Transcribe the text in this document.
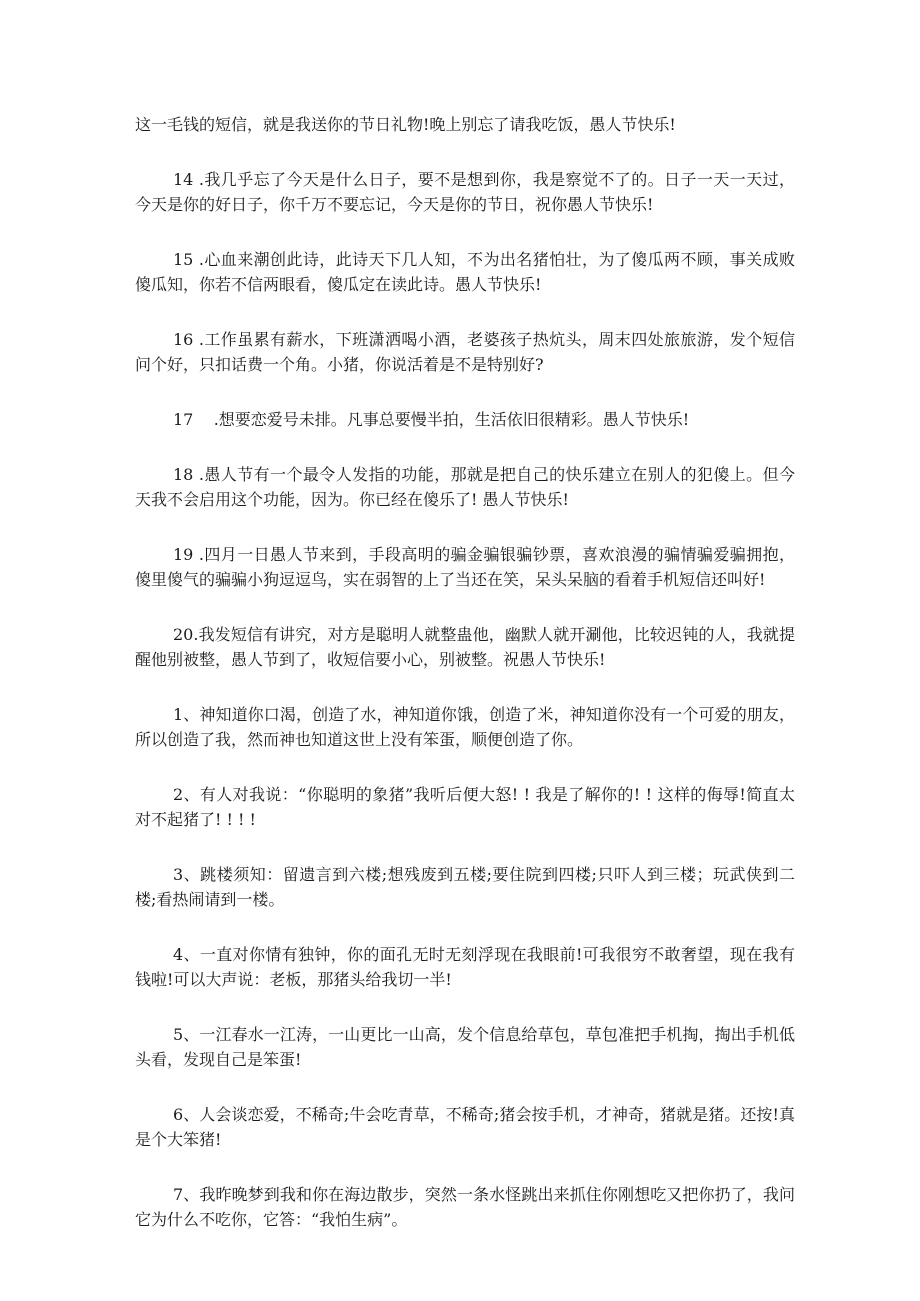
这一毛钱的短信，就是我送你的节日礼物!晚上别忘了请我吃饭，愚人节快乐!

14 .我几乎忘了今天是什么日子，要不是想到你，我是察觉不了的。日子一天一天过，今天是你的好日子，你千万不要忘记，今天是你的节日，祝你愚人节快乐!

15 .心血来潮创此诗，此诗天下几人知，不为出名猪怕壮，为了傻瓜两不顾，事关成败傻瓜知，你若不信两眼看，傻瓜定在读此诗。愚人节快乐!

16 .工作虽累有薪水，下班潇洒喝小酒，老婆孩子热炕头，周末四处旅旅游，发个短信问个好，只扣话费一个角。小猪，你说活着是不是特别好?

17    .想要恋爱号未排。凡事总要慢半拍，生活依旧很精彩。愚人节快乐!

18 .愚人节有一个最令人发指的功能，那就是把自己的快乐建立在别人的犯傻上。但今天我不会启用这个功能，因为。你已经在傻乐了! 愚人节快乐!

19 .四月一日愚人节来到，手段高明的骗金骗银骗钞票，喜欢浪漫的骗情骗爱骗拥抱，傻里傻气的骗骗小狗逗逗鸟，实在弱智的上了当还在笑，呆头呆脑的看着手机短信还叫好!

20.我发短信有讲究，对方是聪明人就整蛊他，幽默人就开涮他，比较迟钝的人，我就提醒他别被整，愚人节到了，收短信要小心，别被整。祝愚人节快乐!

1、神知道你口渴，创造了水，神知道你饿，创造了米，神知道你没有一个可爱的朋友，所以创造了我，然而神也知道这世上没有笨蛋，顺便创造了你。

2、有人对我说：“你聪明的象猪”我听后便大怒! ! 我是了解你的! ! 这样的侮辱!简直太对不起猪了! ! ! !

3、跳楼须知：留遗言到六楼;想残废到五楼;要住院到四楼;只吓人到三楼；玩武侠到二楼;看热闹请到一楼。

4、一直对你情有独钟，你的面孔无时无刻浮现在我眼前!可我很穷不敢奢望，现在我有钱啦!可以大声说：老板，那猪头给我切一半!

5、一江春水一江涛，一山更比一山高，发个信息给草包，草包准把手机掏，掏出手机低头看，发现自己是笨蛋!

6、人会谈恋爱，不稀奇;牛会吃青草，不稀奇;猪会按手机，才神奇，猪就是猪。还按!真是个大笨猪!

7、我昨晚梦到我和你在海边散步，突然一条水怪跳出来抓住你刚想吃又把你扔了，我问它为什么不吃你，它答：“我怕生病”。
